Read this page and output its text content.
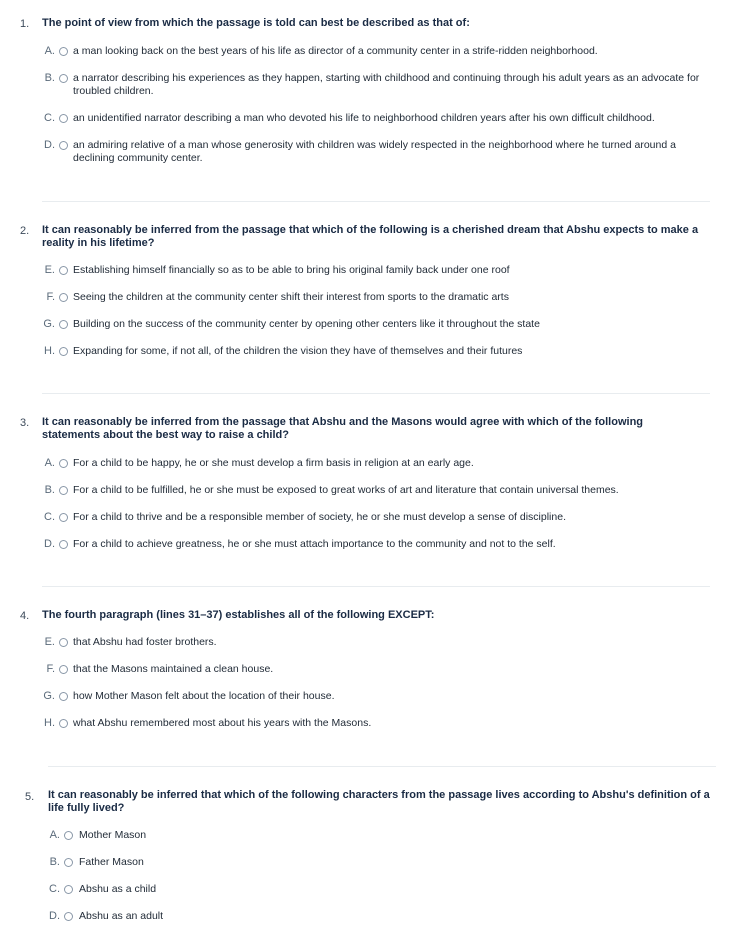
1. The point of view from which the passage is told can best be described as that of:
A. a man looking back on the best years of his life as director of a community center in a strife-ridden neighborhood.
B. a narrator describing his experiences as they happen, starting with childhood and continuing through his adult years as an advocate for troubled children.
C. an unidentified narrator describing a man who devoted his life to neighborhood children years after his own difficult childhood.
D. an admiring relative of a man whose generosity with children was widely respected in the neighborhood where he turned around a declining community center.
2. It can reasonably be inferred from the passage that which of the following is a cherished dream that Abshu expects to make a reality in his lifetime?
E. Establishing himself financially so as to be able to bring his original family back under one roof
F. Seeing the children at the community center shift their interest from sports to the dramatic arts
G. Building on the success of the community center by opening other centers like it throughout the state
H. Expanding for some, if not all, of the children the vision they have of themselves and their futures
3. It can reasonably be inferred from the passage that Abshu and the Masons would agree with which of the following statements about the best way to raise a child?
A. For a child to be happy, he or she must develop a firm basis in religion at an early age.
B. For a child to be fulfilled, he or she must be exposed to great works of art and literature that contain universal themes.
C. For a child to thrive and be a responsible member of society, he or she must develop a sense of discipline.
D. For a child to achieve greatness, he or she must attach importance to the community and not to the self.
4. The fourth paragraph (lines 31–37) establishes all of the following EXCEPT:
E. that Abshu had foster brothers.
F. that the Masons maintained a clean house.
G. how Mother Mason felt about the location of their house.
H. what Abshu remembered most about his years with the Masons.
5. It can reasonably be inferred that which of the following characters from the passage lives according to Abshu's definition of a life fully lived?
A. Mother Mason
B. Father Mason
C. Abshu as a child
D. Abshu as an adult
